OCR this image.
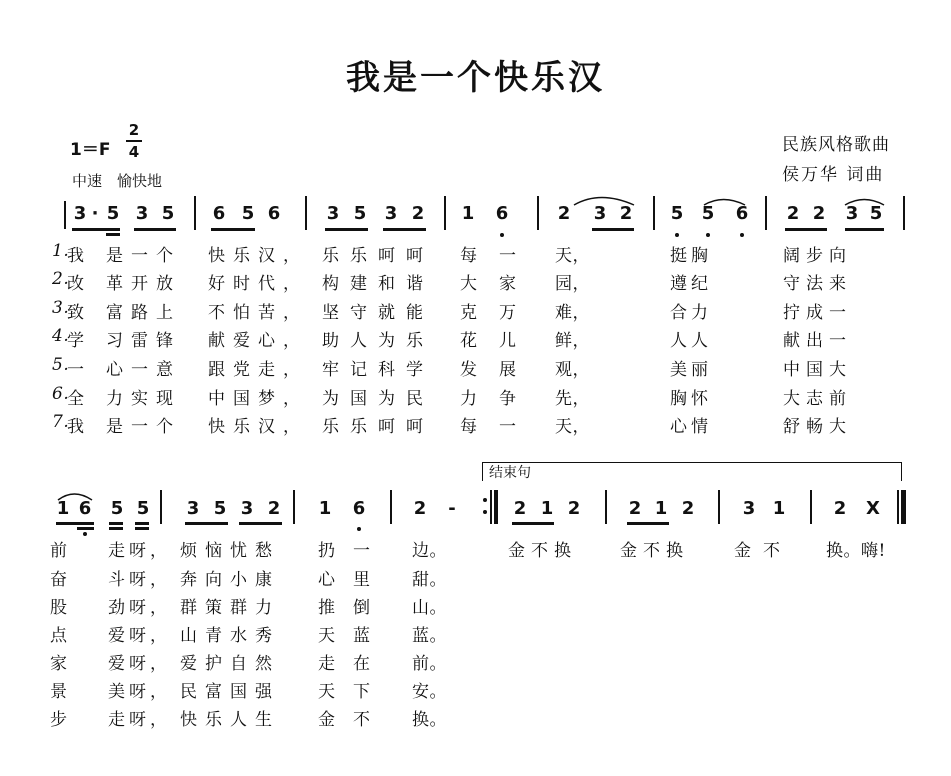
我是一个快乐汉
1＝F
2
4
中速　愉快地
民族风格歌曲
侯万华 词曲
3 · 5 3 5 6 5 6	3 5 3 2 1 6	2 3 2 5 5 6 2 2 3 5
1.
我 是一个 快乐汉， 乐乐呵呵 每一 天，	挺胸	阔步向
2.
改 革开放 好时代， 构建和谐 大家 园，	遵纪	守法来
3.
致 富路上 不怕苦， 坚守就能 克万 难，	合力	拧成一
4.
学 习雷锋 献爱心， 助人为乐 花儿 鲜，	人人	献出一
5.
一 心一意 跟党走， 牢记科学 发展 观，	美丽	中国大
6.
全 力实现 中国梦， 为国为民 力争 先，	胸怀	大志前
7.
我 是一个 快乐汉， 乐乐呵呵 每一 天，	心情	舒畅大
结束句
1 6 5 5 3 5 3 2 1 6	2 -	2 1 2	2 1 2	3 1	2 X
前 走呀， 烦恼忧愁 扔一 边。	金不换	金不换	金不 换。嗨!
奋 斗呀， 奔向小康 心里 甜。
股 劲呀， 群策群力 推倒 山。
点 爱呀， 山青水秀 天蓝 蓝。
家 爱呀， 爱护自然 走在 前。
景 美呀， 民富国强 天下 安。
步 走呀， 快乐人生 金不 换。
